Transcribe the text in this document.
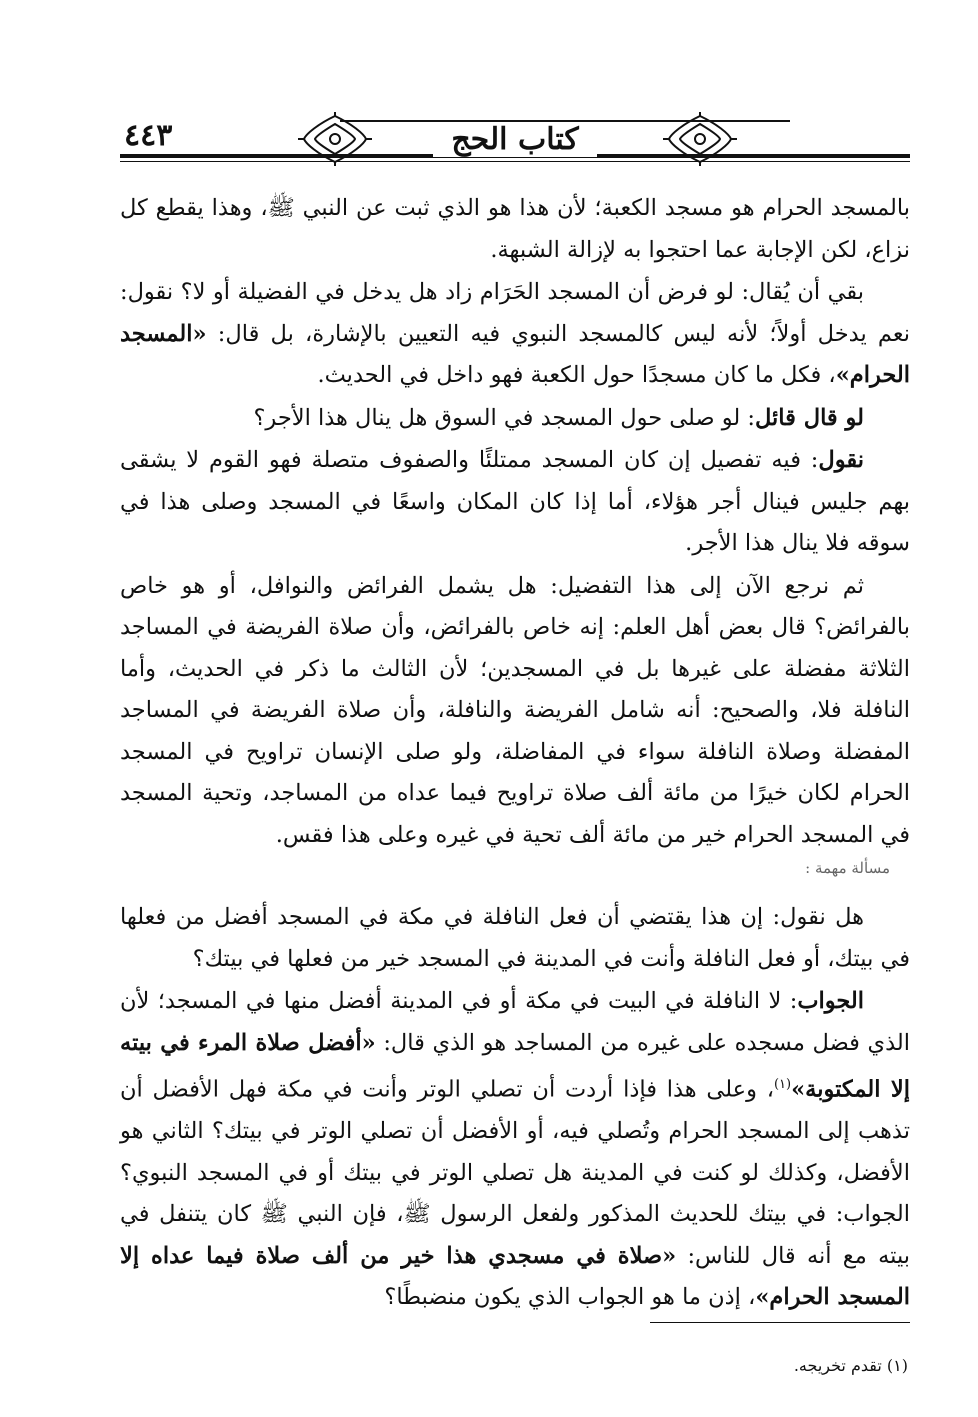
٤٤٣	كتاب الحج

بالمسجد الحرام هو مسجد الكعبة؛ لأن هذا هو الذي ثبت عن النبي ﷺ، وهذا يقطع كل نزاع، لكن الإجابة عما احتجوا به لإزالة الشبهة.

بقي أن يُقال: لو فرض أن المسجد الحَرَام زاد هل يدخل في الفضيلة أو لا؟ نقول: نعم يدخل أولاً؛ لأنه ليس كالمسجد النبوي فيه التعيين بالإشارة، بل قال: «المسجد الحرام»، فكل ما كان مسجدًا حول الكعبة فهو داخل في الحديث.

لو قال قائل: لو صلى حول المسجد في السوق هل ينال هذا الأجر؟

نقول: فيه تفصيل إن كان المسجد ممتلئًا والصفوف متصلة فهو القوم لا يشقى بهم جليس فينال أجر هؤلاء، أما إذا كان المكان واسعًا في المسجد وصلى هذا في سوقه فلا ينال هذا الأجر.

ثم نرجع الآن إلى هذا التفضيل: هل يشمل الفرائض والنوافل، أو هو خاص بالفرائض؟ قال بعض أهل العلم: إنه خاص بالفرائض، وأن صلاة الفريضة في المساجد الثلاثة مفضلة على غيرها بل في المسجدين؛ لأن الثالث ما ذكر في الحديث، وأما النافلة فلا، والصحيح: أنه شامل الفريضة والنافلة، وأن صلاة الفريضة في المساجد المفضلة وصلاة النافلة سواء في المفاضلة، ولو صلى الإنسان تراويح في المسجد الحرام لكان خيرًا من مائة ألف صلاة تراويح فيما عداه من المساجد، وتحية المسجد في المسجد الحرام خير من مائة ألف تحية في غيره وعلى هذا فقس.

مسألة مهمة :

هل نقول: إن هذا يقتضي أن فعل النافلة في مكة في المسجد أفضل من فعلها في بيتك، أو فعل النافلة وأنت في المدينة في المسجد خير من فعلها في بيتك؟

الجواب: لا النافلة في البيت في مكة أو في المدينة أفضل منها في المسجد؛ لأن الذي فضل مسجده على غيره من المساجد هو الذي قال: «أفضل صلاة المرء في بيته إلا المكتوبة»$^{(١)}$، وعلى هذا فإذا أردت أن تصلي الوتر وأنت في مكة فهل الأفضل أن تذهب إلى المسجد الحرام وتُصلي فيه، أو الأفضل أن تصلي الوتر في بيتك؟ الثاني هو الأفضل، وكذلك لو كنت في المدينة هل تصلي الوتر في بيتك أو في المسجد النبوي؟ الجواب: في بيتك للحديث المذكور ولفعل الرسول ﷺ، فإن النبي ﷺ كان يتنفل في بيته مع أنه قال للناس: «صلاة في مسجدي هذا خير من ألف صلاة فيما عداه إلا المسجد الحرام»، إذن ما هو الجواب الذي يكون منضبطًا؟

(١) تقدم تخريجه.
